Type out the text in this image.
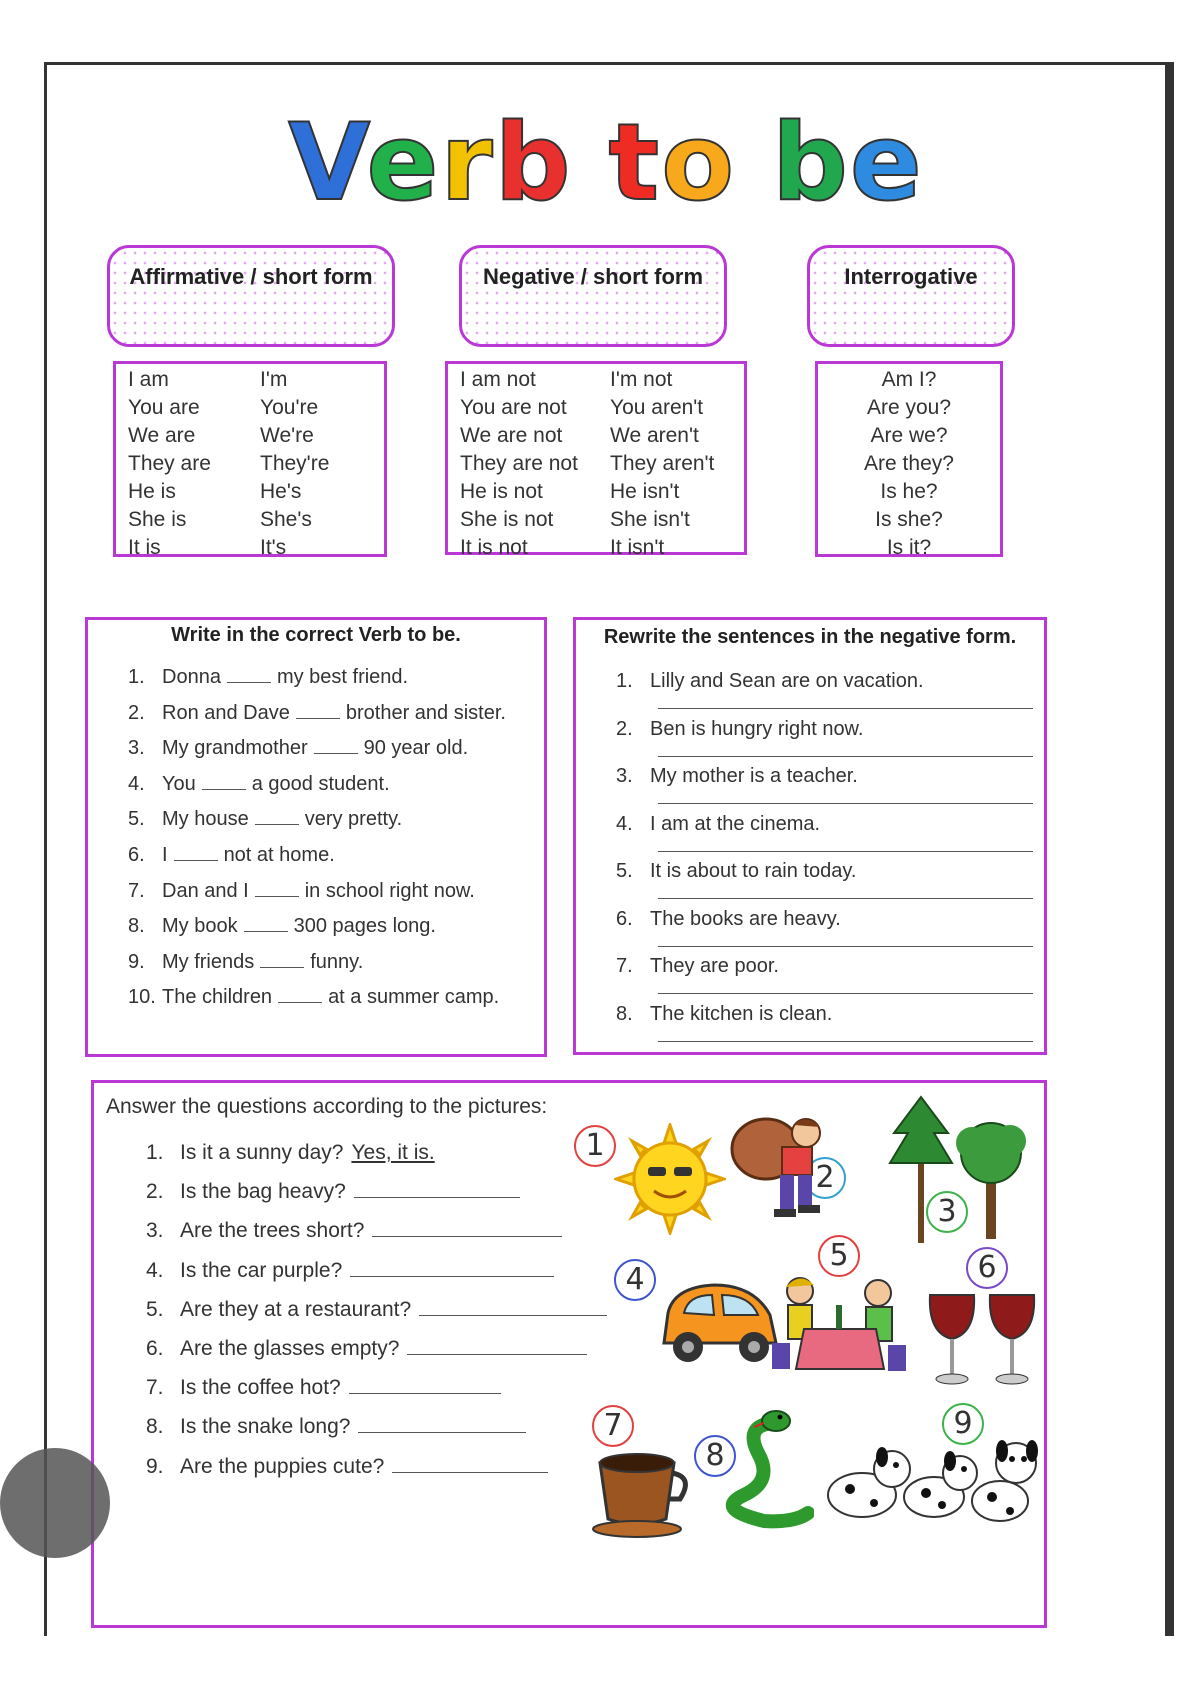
Verb to be
Affirmative / short form	Negative / short form	Interrogative
I am	I'm
You are	You're
We are	We're
They are	They're
He is	He's
She is	She's
It is	It's
I am not	I'm not
You are not	You aren't
We are not	We aren't
They are not	They aren't
He is not	He isn't
She is not	She isn't
It is not	It isn't
Am I?
Are you?
Are we?
Are they?
Is he?
Is she?
Is it?
Write in the correct Verb to be.
1. Donna	my best friend.
2. Ron and Dave	brother and sister.
3. My grandmother	90 year old.
4. You	a good student.
5. My house	very pretty.
6. I	not at home.
7. Dan and I	in school right now.
8. My book	300 pages long.
9. My friends	funny.
10. The children	at a summer camp.
Rewrite the sentences in the negative form.
1. Lilly and Sean are on vacation.
2. Ben is hungry right now.
3. My mother is a teacher.
4. I am at the cinema.
5. It is about to rain today.
6. The books are heavy.
7. They are poor.
8. The kitchen is clean.
Answer the questions according to the pictures:
1
2
3
4
5	6
7
8
9
1. Is it a sunny day? Yes, it is.
2. Is the bag heavy?
3. Are the trees short?
4. Is the car purple?
5. Are they at a restaurant?
6. Are the glasses empty?
7. Is the coffee hot?
8. Is the snake long?
9. Are the puppies cute?
